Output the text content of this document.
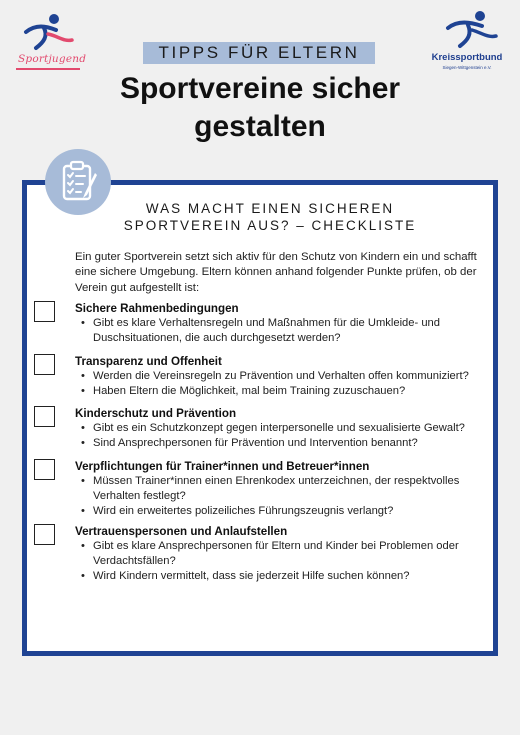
Sportjugend	Kreissportbund
Siegen-Wittgenstein e.V.
TIPPS FÜR ELTERN
Sportvereine sicher
gestalten
WAS MACHT EINEN SICHEREN
SPORTVEREIN AUS? – CHECKLISTE

Ein guter Sportverein setzt sich aktiv für den Schutz von Kindern ein und schafft eine sichere Umgebung. Eltern können anhand folgender Punkte prüfen, ob der Verein gut aufgestellt ist:

Sichere Rahmenbedingungen
• Gibt es klare Verhaltensregeln und Maßnahmen für die Umkleide- und Duschsituationen, die auch durchgesetzt werden?
Transparenz und Offenheit
• Werden die Vereinsregeln zu Prävention und Verhalten offen kommuniziert?
• Haben Eltern die Möglichkeit, mal beim Training zuzuschauen?
Kinderschutz und Prävention
• Gibt es ein Schutzkonzept gegen interpersonelle und sexualisierte Gewalt?
• Sind Ansprechpersonen für Prävention und Intervention benannt?
Verpflichtungen für Trainer*innen und Betreuer*innen
• Müssen Trainer*innen einen Ehrenkodex unterzeichnen, der respektvolles Verhalten festlegt?
• Wird ein erweitertes polizeiliches Führungszeugnis verlangt?
Vertrauenspersonen und Anlaufstellen
• Gibt es klare Ansprechpersonen für Eltern und Kinder bei Problemen oder Verdachtsfällen?
• Wird Kindern vermittelt, dass sie jederzeit Hilfe suchen können?
